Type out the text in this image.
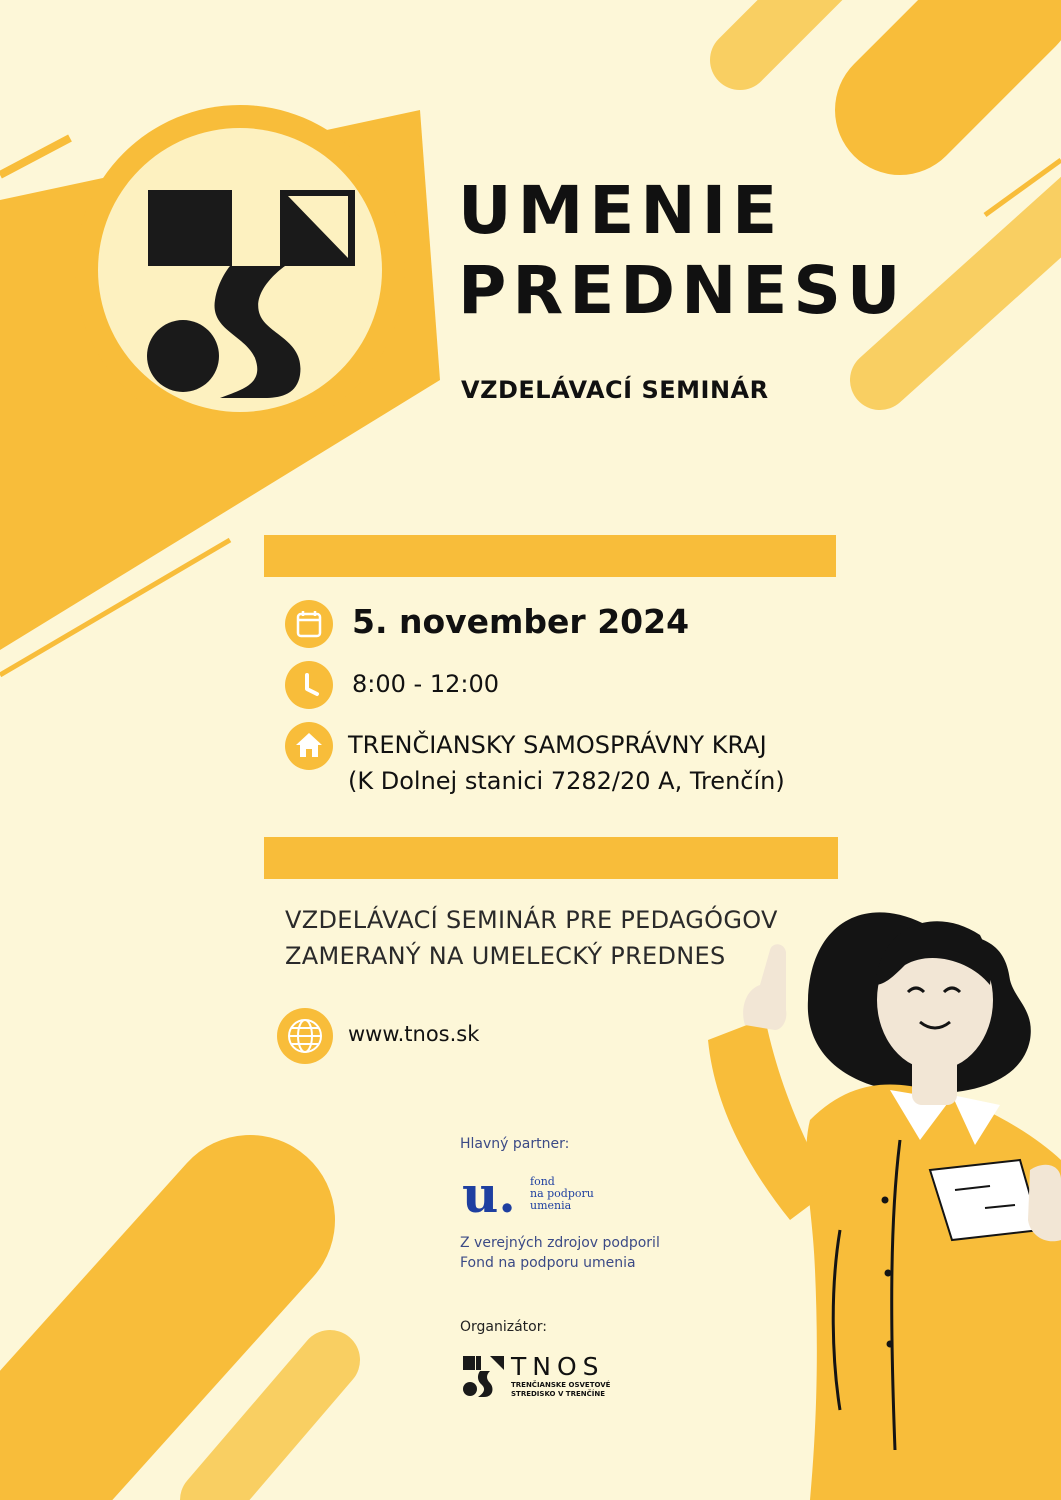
UMENIE
PREDNESU
VZDELÁVACÍ SEMINÁR
5. november 2024
8:00 - 12:00
TRENČIANSKY SAMOSPRÁVNY KRAJ
(K Dolnej stanici 7282/20 A, Trenčín)
VZDELÁVACÍ SEMINÁR PRE PEDAGÓGOV
ZAMERANÝ NA UMELECKÝ PREDNES
www.tnos.sk
Hlavný partner:
u. fond
na podporu
umenia
Z verejných zdrojov podporil
Fond na podporu umenia
Organizátor:
TNOS
TRENČIANSKE OSVETOVÉ
STREDISKO V TRENČÍNE
